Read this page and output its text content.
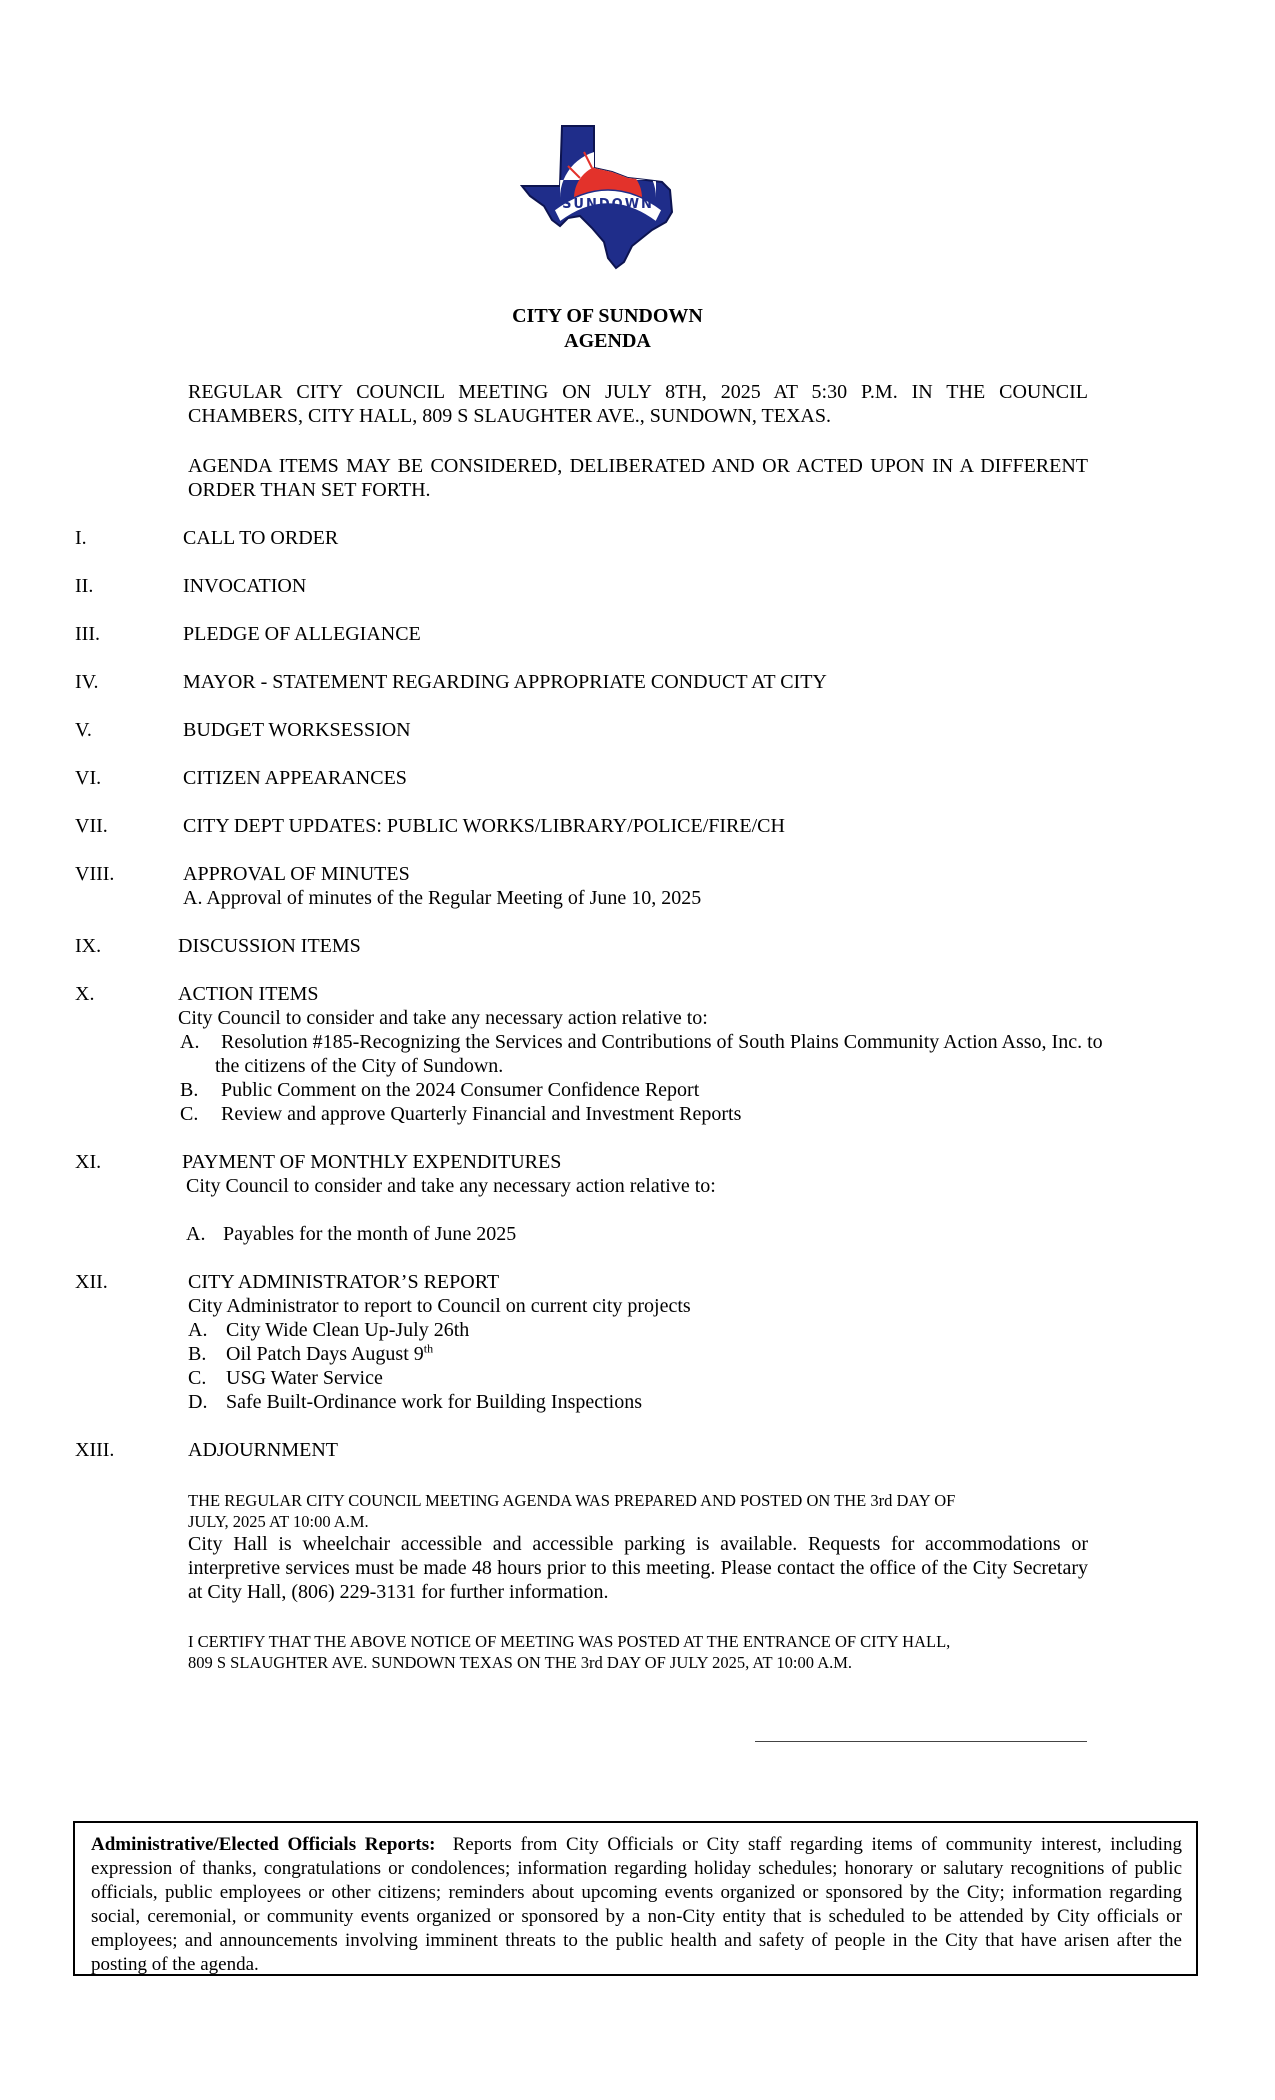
SUNDOWN
CITY OF SUNDOWN
AGENDA
REGULAR CITY COUNCIL MEETING ON JULY 8TH, 2025 AT 5:30 P.M. IN THE COUNCIL CHAMBERS, CITY HALL, 809 S SLAUGHTER AVE., SUNDOWN, TEXAS.
AGENDA ITEMS MAY BE CONSIDERED, DELIBERATED AND OR ACTED UPON IN A DIFFERENT ORDER THAN SET FORTH.
I.	CALL TO ORDER
II.	INVOCATION
III.	PLEDGE OF ALLEGIANCE
IV.	MAYOR - STATEMENT REGARDING APPROPRIATE CONDUCT AT CITY
V.	BUDGET WORKSESSION
VI.	CITIZEN APPEARANCES
VII.	CITY DEPT UPDATES: PUBLIC WORKS/LIBRARY/POLICE/FIRE/CH
VIII.	APPROVAL OF MINUTES
A. Approval of minutes of the Regular Meeting of June 10, 2025
IX.	DISCUSSION ITEMS
X.	ACTION ITEMS
City Council to consider and take any necessary action relative to:
A. Resolution #185-Recognizing the Services and Contributions of South Plains Community Action Asso, Inc. to
the citizens of the City of Sundown.
B. Public Comment on the 2024 Consumer Confidence Report
C. Review and approve Quarterly Financial and Investment Reports
XI.	PAYMENT OF MONTHLY EXPENDITURES
City Council to consider and take any necessary action relative to:
A. Payables for the month of June 2025
XII.	CITY ADMINISTRATOR’S REPORT
City Administrator to report to Council on current city projects
A. City Wide Clean Up-July 26th
B. Oil Patch Days August 9th
C. USG Water Service
D. Safe Built-Ordinance work for Building Inspections
XIII.	ADJOURNMENT
THE REGULAR CITY COUNCIL MEETING AGENDA WAS PREPARED AND POSTED ON THE 3rd DAY OF
JULY, 2025 AT 10:00 A.M.
City Hall is wheelchair accessible and accessible parking is available. Requests for accommodations or interpretive services must be made 48 hours prior to this meeting. Please contact the office of the City Secretary at City Hall, (806) 229-3131 for further information.
I CERTIFY THAT THE ABOVE NOTICE OF MEETING WAS POSTED AT THE ENTRANCE OF CITY HALL,
809 S SLAUGHTER AVE. SUNDOWN TEXAS ON THE 3rd DAY OF JULY 2025, AT 10:00 A.M.
Administrative/Elected Officials Reports: Reports from City Officials or City staff regarding items of community interest, including expression of thanks, congratulations or condolences; information regarding holiday schedules; honorary or salutary recognitions of public officials, public employees or other citizens; reminders about upcoming events organized or sponsored by the City; information regarding social, ceremonial, or community events organized or sponsored by a non-City entity that is scheduled to be attended by City officials or employees; and announcements involving imminent threats to the public health and safety of people in the City that have arisen after the posting of the agenda.
